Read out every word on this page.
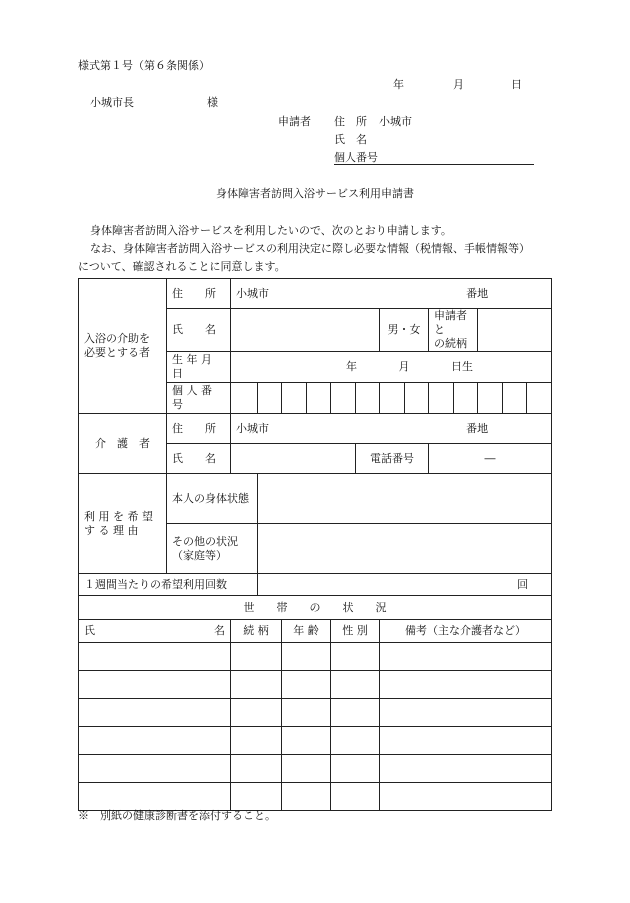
様式第１号（第６条関係）
年	月	日
小城市長	様
申請者 住　所 小城市
氏　名
個人番号
身体障害者訪問入浴サービス利用申請書
身体障害者訪問入浴サービスを利用したいので、次のとおり申請します。
なお、身体障害者訪問入浴サービスの利用決定に際し必要な情報（税情報、手帳情報等）
について、確認されることに同意します。
入浴の介助を
必要とする者	住　　所	小城市 番地												

	氏　　名							男・女		申請者と
の続柄				
	生 年 月 日	年 月 日生												
	個 人 番 号													
介　護　者	住　　所	小城市 番地												

	氏　　名						電話番号			―				
利 用 を 希 望
す る 理 由	本人の身体状態													
	その他の状況
（家庭等）													
１週間当たりの希望利用回数			回											
世　　帯　　の　　状　　況														
氏 名		続 柄		年 齢		性 別		備考（主な介護者など）						

※　別紙の健康診断書を添付すること。
